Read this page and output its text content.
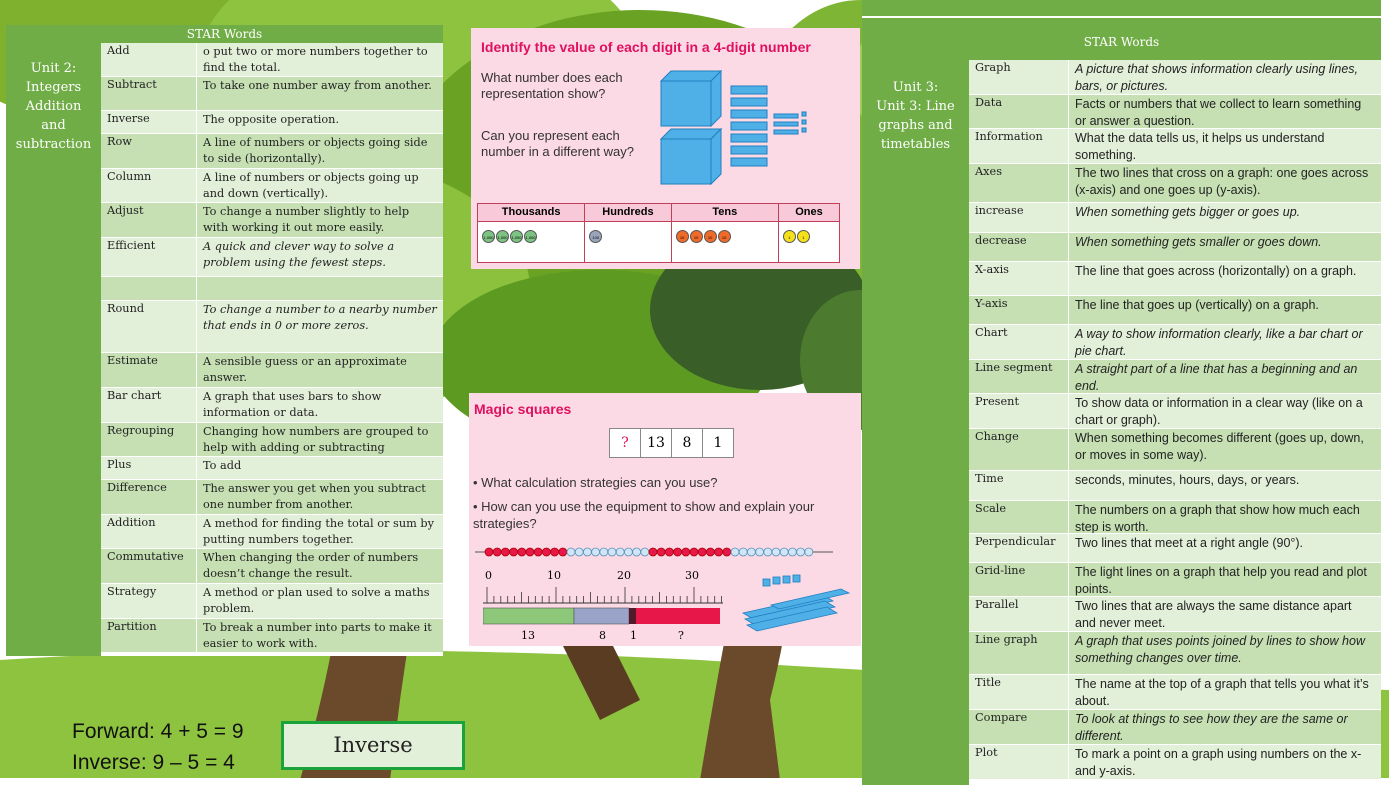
STAR Words
Unit 2:
Integers
Addition
and
subtraction
Add	o put two or more numbers together to find the total.
Subtract	To take one number away from another.
Inverse	The opposite operation.
Row	A line of numbers or objects going side to side (horizontally).
Column	A line of numbers or objects going up and down (vertically).
Adjust	To change a number slightly to help with working it out more easily.
Efficient	A quick and clever way to solve a problem using the fewest steps.
Round	To change a number to a nearby number that ends in 0 or more zeros.
Estimate	A sensible guess or an approximate answer.
Bar chart	A graph that uses bars to show information or data.
Regrouping	Changing how numbers are grouped to help with adding or subtracting
Plus	To add
Difference	The answer you get when you subtract one number from another.
Addition	A method for finding the total or sum by putting numbers together.
Commutative	When changing the order of numbers doesn’t change the result.
Strategy	A method or plan used to solve a maths problem.
Partition	To break a number into parts to make it easier to work with.
STAR Words
Unit 3:
Unit 3: Line
graphs and
timetables
Graph	A picture that shows information clearly using lines, bars, or pictures.
Data	Facts or numbers that we collect to learn something or answer a question.
Information	What the data tells us, it helps us understand something.
Axes	The two lines that cross on a graph: one goes across (x-axis) and one goes up (y-axis).
increase	When something gets bigger or goes up.
decrease	When something gets smaller or goes down.
X-axis	The line that goes across (horizontally) on a graph.
Y-axis	The line that goes up (vertically) on a graph.
Chart	A way to show information clearly, like a bar chart or pie chart.
Line segment	A straight part of a line that has a beginning and an end.
Present	To show data or information in a clear way (like on a chart or graph).
Change	When something becomes different (goes up, down, or moves in some way).
Time	seconds, minutes, hours, days, or years.
Scale	The numbers on a graph that show how much each step is worth.
Perpendicular	Two lines that meet at a right angle (90°).
Grid-line	The light lines on a graph that help you read and plot points.
Parallel	Two lines that are always the same distance apart and never meet.
Line graph	A graph that uses points joined by lines to show how something changes over time.
Title	The name at the top of a graph that tells you what it’s about.
Compare	To look at things to see how they are the same or different.
Plot	To mark a point on a graph using numbers on the x- and y-axis.
Identify the value of each digit in a 4-digit number
What number does each representation show?
Can you represent each number in a different way?
Thousands	Hundreds	Tens	Ones
1,000 1,000 1,000 1,000	100	10 10 10 10	1 1
Magic squares
?	13	8	1
• What calculation strategies can you use?
• How can you use the equipment to show and explain your strategies?
0	10	20	30
13	8 1	?
Forward: 4 + 5 = 9
Inverse: 9 – 5 = 4
Inverse
